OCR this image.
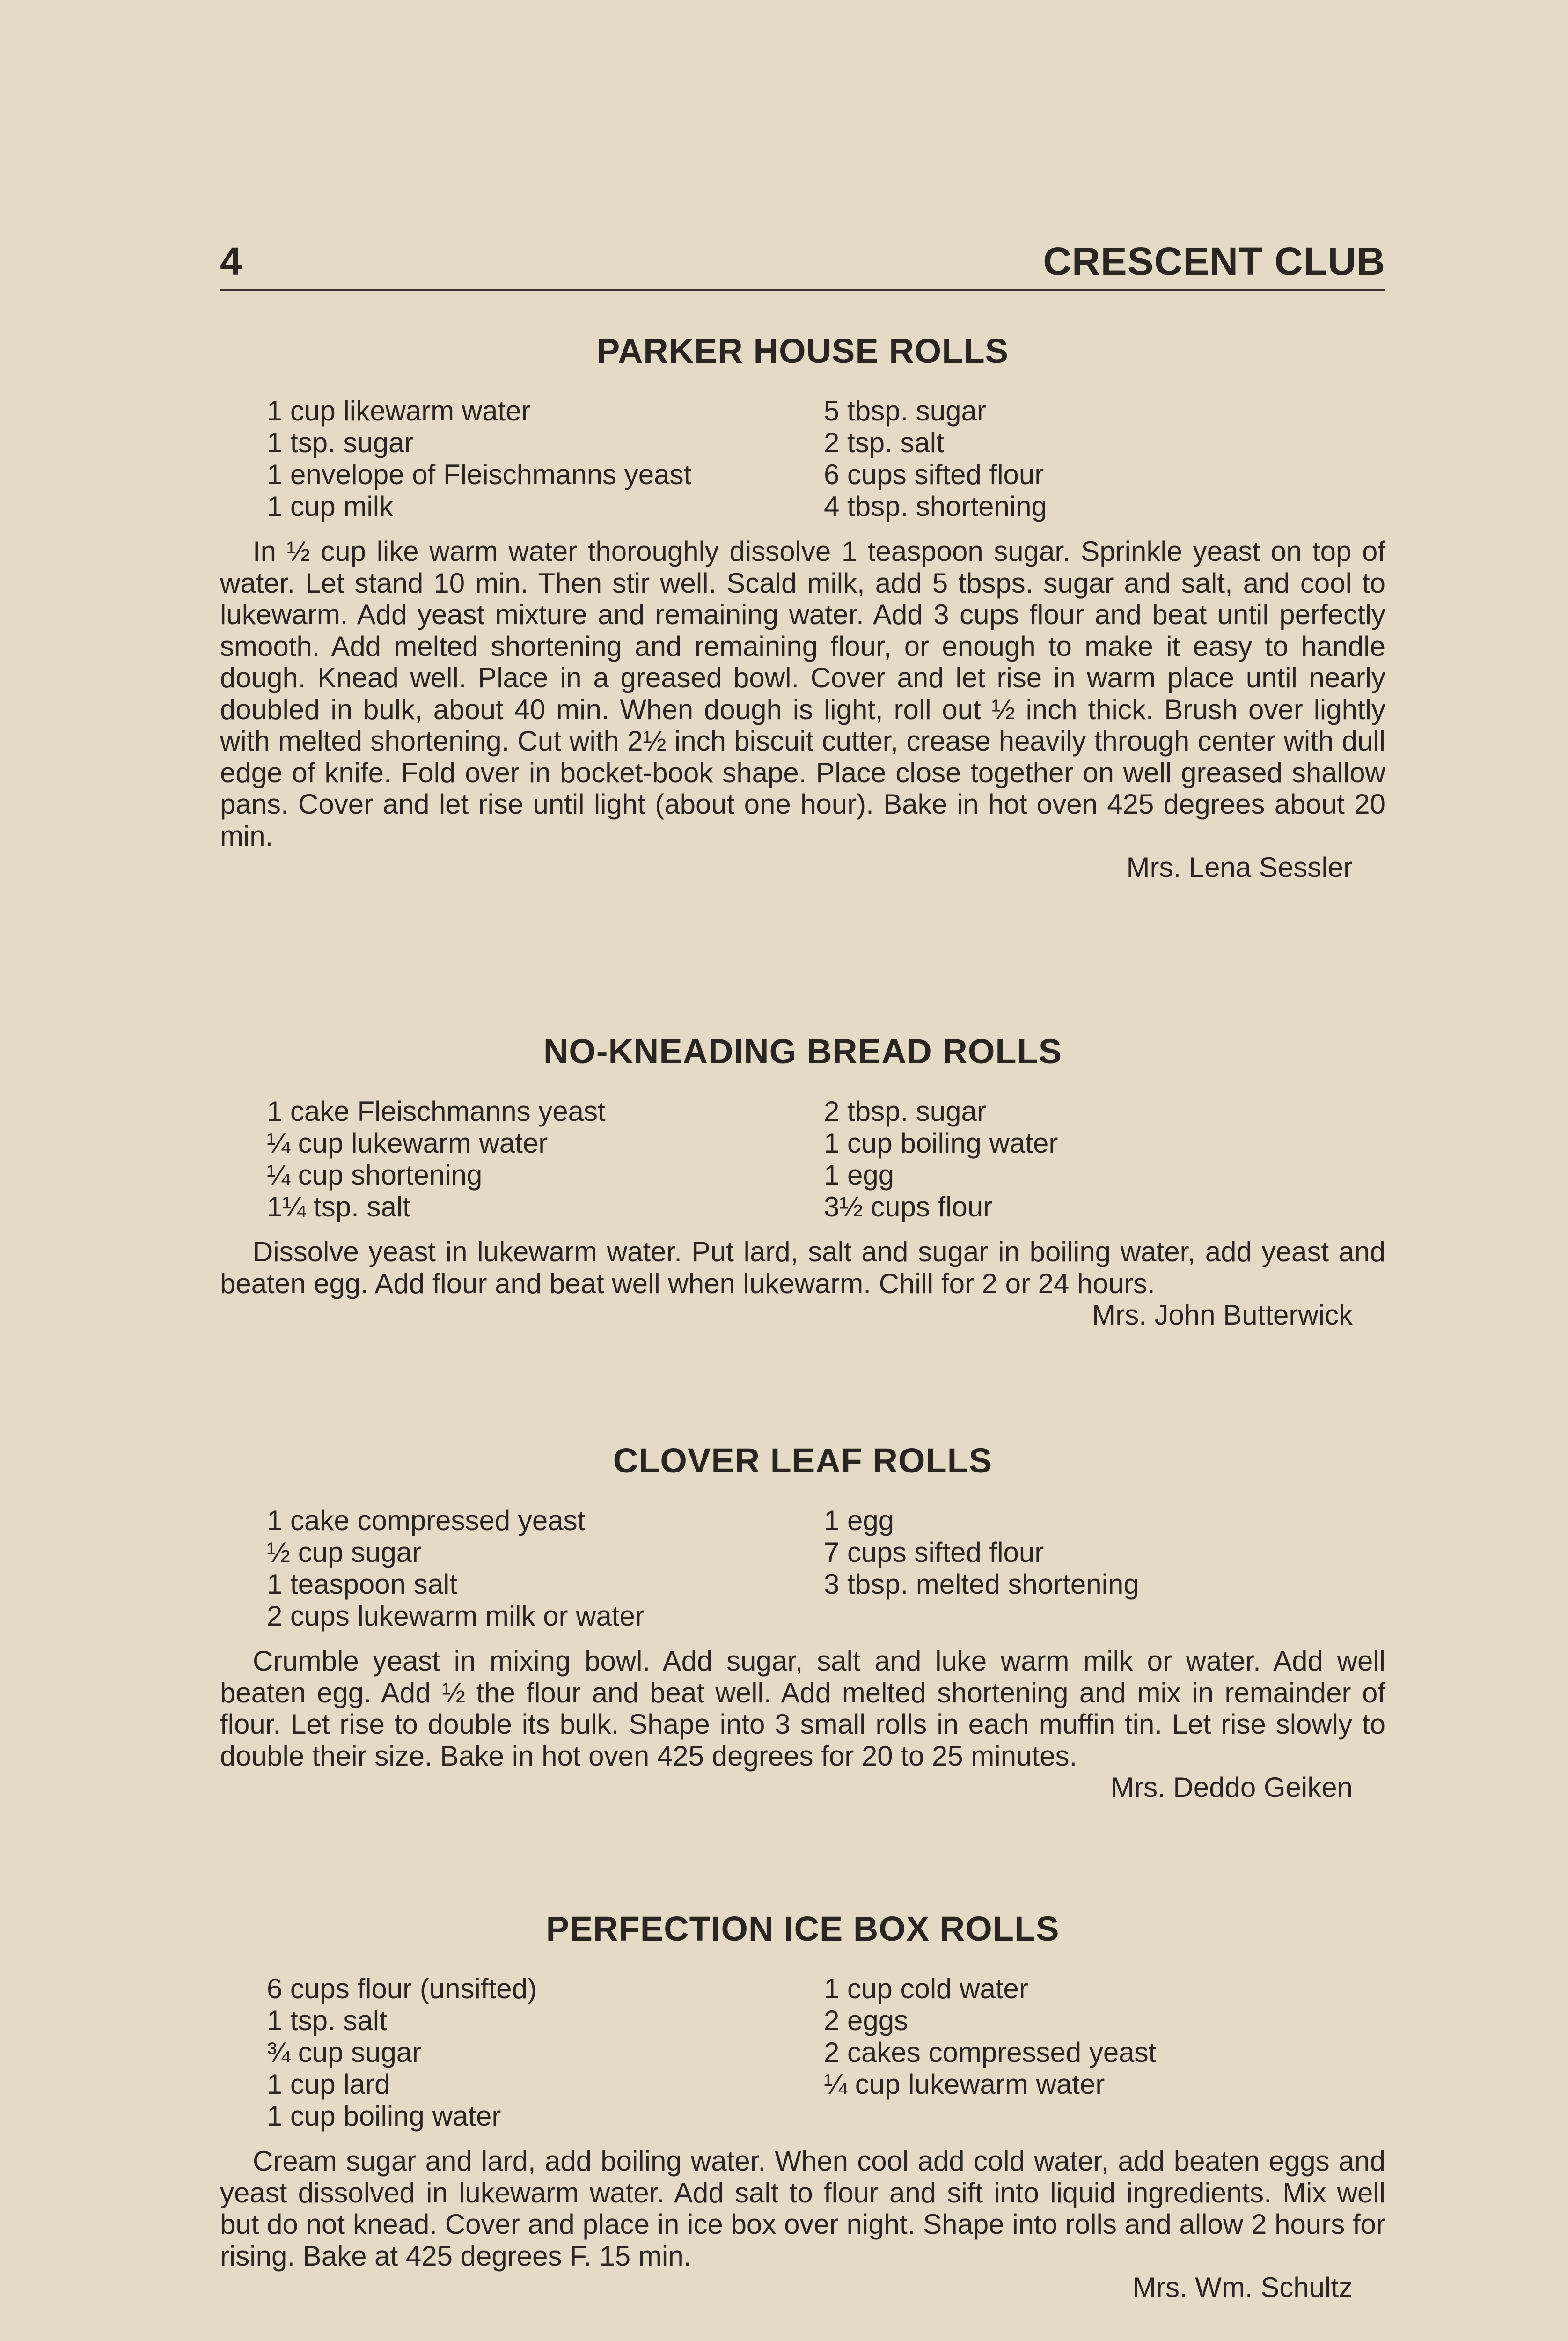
4	CRESCENT CLUB
PARKER HOUSE ROLLS
1 cup likewarm water
1 tsp. sugar
1 envelope of Fleischmanns yeast
1 cup milk
5 tbsp. sugar
2 tsp. salt
6 cups sifted flour
4 tbsp. shortening

In ½ cup like warm water thoroughly dissolve 1 teaspoon sugar. Sprinkle yeast on top of water. Let stand 10 min. Then stir well. Scald milk, add 5 tbsps. sugar and salt, and cool to lukewarm. Add yeast mixture and remaining water. Add 3 cups flour and beat until perfectly smooth. Add melted shortening and remaining flour, or enough to make it easy to handle dough. Knead well. Place in a greased bowl. Cover and let rise in warm place until nearly doubled in bulk, about 40 min. When dough is light, roll out ½ inch thick. Brush over lightly with melted shortening. Cut with 2½ inch biscuit cutter, crease heavily through center with dull edge of knife. Fold over in bocket-book shape. Place close together on well greased shallow pans. Cover and let rise until light (about one hour). Bake in hot oven 425 degrees about 20 min.

Mrs. Lena Sessler

NO-KNEADING BREAD ROLLS
1 cake Fleischmanns yeast
¼ cup lukewarm water
¼ cup shortening
1¼ tsp. salt
2 tbsp. sugar
1 cup boiling water
1 egg
3½ cups flour

Dissolve yeast in lukewarm water. Put lard, salt and sugar in boiling water, add yeast and beaten egg. Add flour and beat well when lukewarm. Chill for 2 or 24 hours.

Mrs. John Butterwick

CLOVER LEAF ROLLS
1 cake compressed yeast
½ cup sugar
1 teaspoon salt
2 cups lukewarm milk or water
1 egg
7 cups sifted flour
3 tbsp. melted shortening

Crumble yeast in mixing bowl. Add sugar, salt and luke warm milk or water. Add well beaten egg. Add ½ the flour and beat well. Add melted shortening and mix in remainder of flour. Let rise to double its bulk. Shape into 3 small rolls in each muffin tin. Let rise slowly to double their size. Bake in hot oven 425 degrees for 20 to 25 minutes.

Mrs. Deddo Geiken

PERFECTION ICE BOX ROLLS
6 cups flour (unsifted)
1 tsp. salt
¾ cup sugar
1 cup lard
1 cup boiling water
1 cup cold water
2 eggs
2 cakes compressed yeast
¼ cup lukewarm water

Cream sugar and lard, add boiling water. When cool add cold water, add beaten eggs and yeast dissolved in lukewarm water. Add salt to flour and sift into liquid ingredients. Mix well but do not knead. Cover and place in ice box over night. Shape into rolls and allow 2 hours for rising. Bake at 425 degrees F. 15 min.

Mrs. Wm. Schultz
